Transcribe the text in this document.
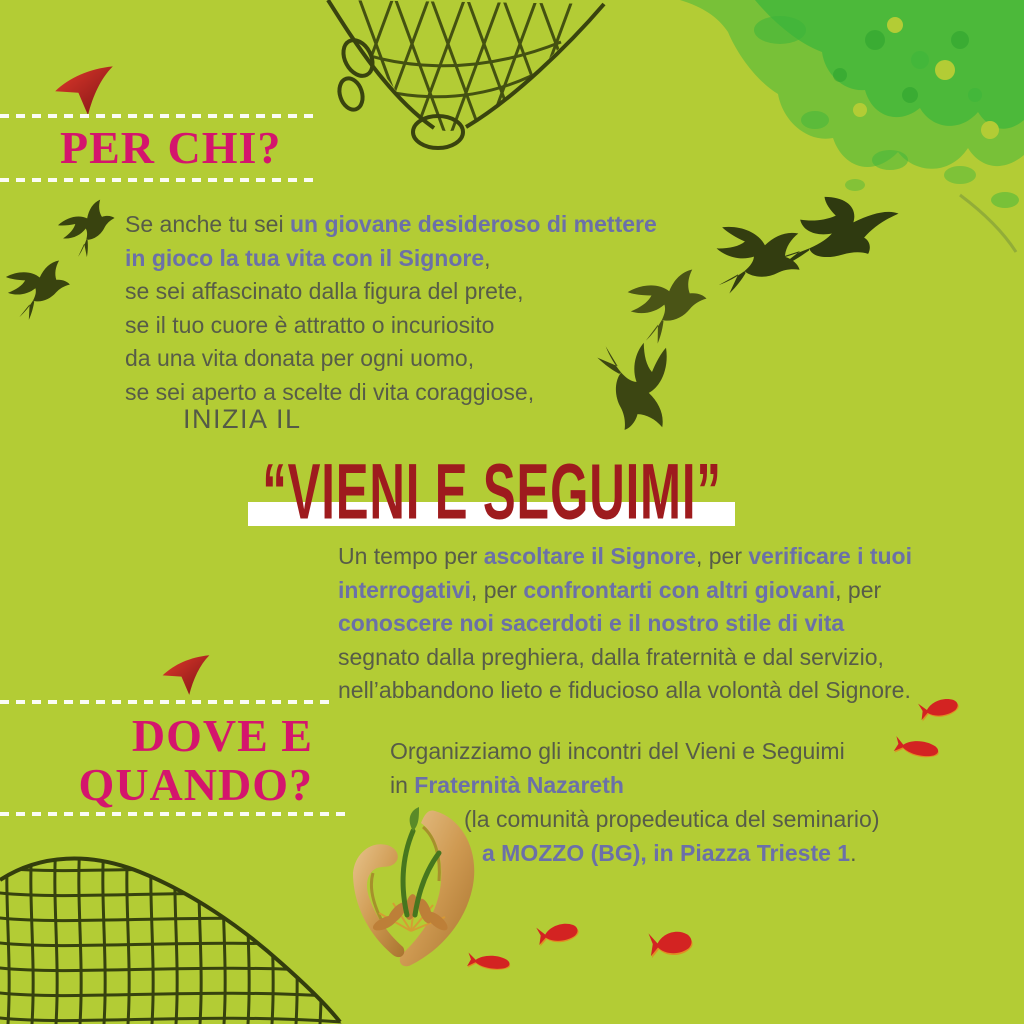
PER CHI?
Se anche tu sei un giovane desideroso di mettere
in gioco la tua vita con il Signore,
se sei affascinato dalla figura del prete,
se il tuo cuore è attratto o incuriosito
da una vita donata per ogni uomo,
se sei aperto a scelte di vita coraggiose,
INIZIA IL
“VIENI E SEGUIMI”
Un tempo per ascoltare il Signore, per verificare i tuoi
interrogativi, per confrontarti con altri giovani, per
conoscere noi sacerdoti e il nostro stile di vita
segnato dalla preghiera, dalla fraternità e dal servizio,
nell’abbandono lieto e fiducioso alla volontà del Signore.
DOVE E
QUANDO?
Organizziamo gli incontri del Vieni e Seguimi
in Fraternità Nazareth
(la comunità propedeutica del seminario)
a MOZZO (BG), in Piazza Trieste 1.
